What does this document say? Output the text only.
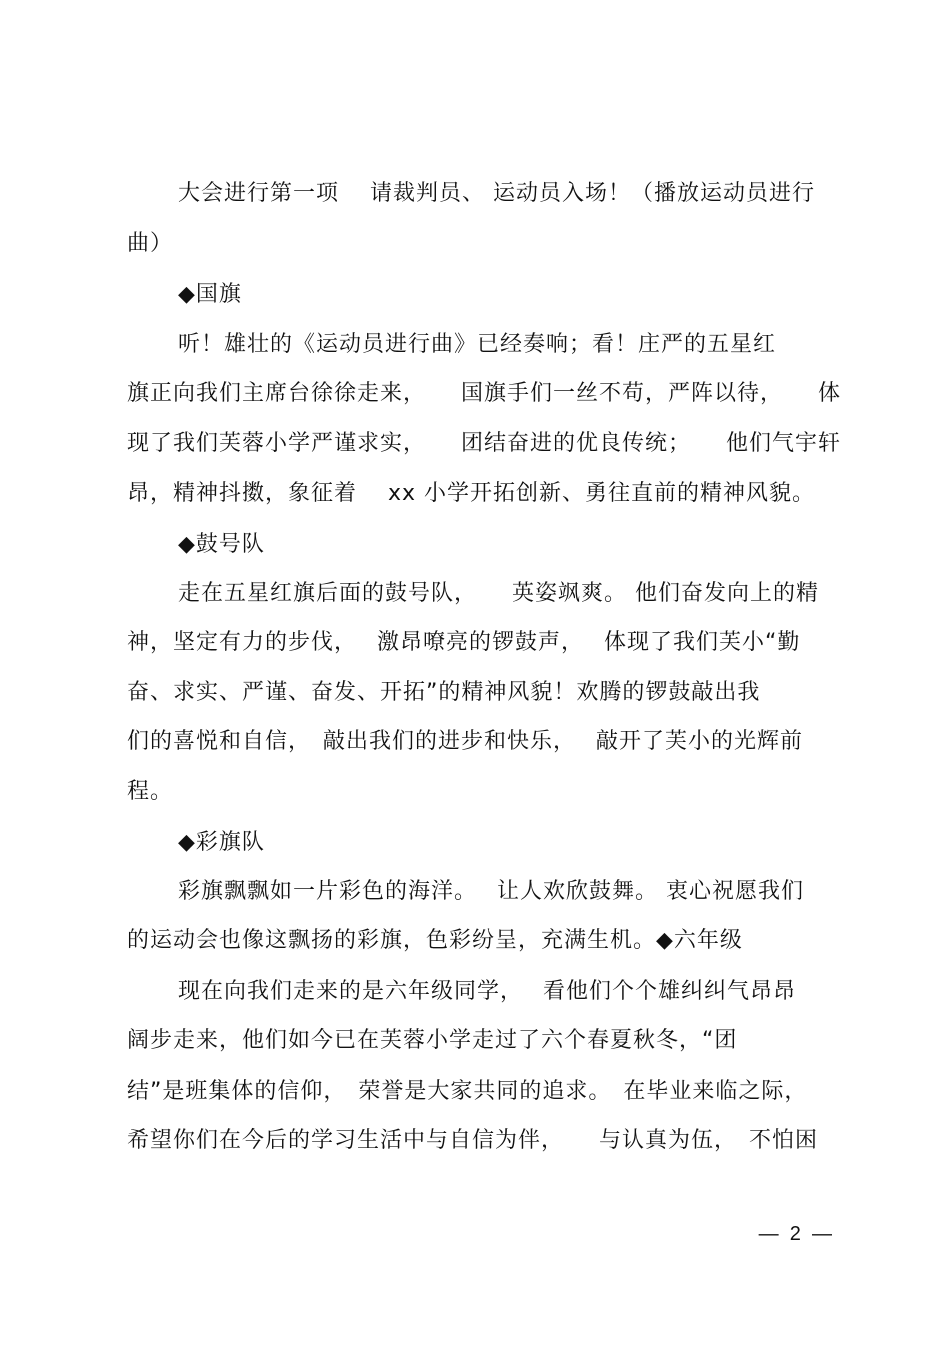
大会进行第一项　 请裁判员、 运动员入场！（播放运动员进行
曲）
◆国旗
听！雄壮的《运动员进行曲》已经奏响；看！庄严的五星红
旗正向我们主席台徐徐走来，　　国旗手们一丝不苟，严阵以待，　　体
现了我们芙蓉小学严谨求实，　　团结奋进的优良传统；　　他们气宇轩
昂，精神抖擞，象征着　 xx 小学开拓创新、勇往直前的精神风貌。
◆鼓号队
走在五星红旗后面的鼓号队，　　英姿飒爽。 他们奋发向上的精
神，坚定有力的步伐，　 激昂嘹亮的锣鼓声，　 体现了我们芙小“勤
奋、求实、严谨、奋发、开拓”的精神风貌！欢腾的锣鼓敲出我
们的喜悦和自信，　敲出我们的进步和快乐，　 敲开了芙小的光辉前
程。
◆彩旗队
彩旗飘飘如一片彩色的海洋。　 让人欢欣鼓舞。 衷心祝愿我们
的运动会也像这飘扬的彩旗，色彩纷呈，充满生机。◆六年级
现在向我们走来的是六年级同学，　 看他们个个雄纠纠气昂昂
阔步走来，他们如今已在芙蓉小学走过了六个春夏秋冬，“团
结”是班集体的信仰，　荣誉是大家共同的追求。　在毕业来临之际，
希望你们在今后的学习生活中与自信为伴，　　与认真为伍，　不怕困
—  2  —
